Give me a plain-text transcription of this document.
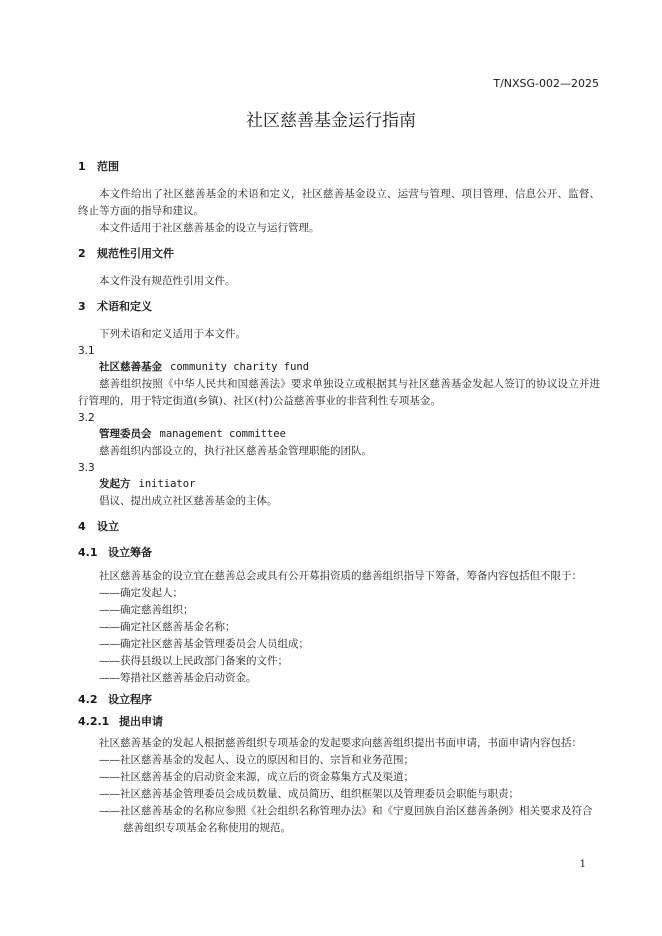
T/NXSG-002—2025
社区慈善基金运行指南
1 范围

本文件给出了社区慈善基金的术语和定义，社区慈善基金设立、运营与管理、项目管理、信息公开、监督、终止等方面的指导和建议。

本文件适用于社区慈善基金的设立与运行管理。

2 规范性引用文件

本文件没有规范性引用文件。

3 术语和定义

下列术语和定义适用于本文件。

3.1
社区慈善基金 community charity fund

慈善组织按照《中华人民共和国慈善法》要求单独设立或根据其与社区慈善基金发起人签订的协议设立并进行管理的，用于特定街道(乡镇)、社区(村)公益慈善事业的非营利性专项基金。

3.2
管理委员会 management committee

慈善组织内部设立的，执行社区慈善基金管理职能的团队。

3.3
发起方 initiator

倡议、提出成立社区慈善基金的主体。

4 设立
4.1 设立筹备

社区慈善基金的设立宜在慈善总会或具有公开募捐资质的慈善组织指导下筹备，筹备内容包括但不限于：

——确定发起人；

——确定慈善组织；

——确定社区慈善基金名称；

——确定社区慈善基金管理委员会人员组成；

——获得县级以上民政部门备案的文件；

——筹措社区慈善基金启动资金。

4.2 设立程序
4.2.1 提出申请

社区慈善基金的发起人根据慈善组织专项基金的发起要求向慈善组织提出书面申请，书面申请内容包括：

——社区慈善基金的发起人、设立的原因和目的、宗旨和业务范围；

——社区慈善基金的启动资金来源，成立后的资金募集方式及渠道；

——社区慈善基金管理委员会成员数量、成员简历、组织框架以及管理委员会职能与职责；

——社区慈善基金的名称应参照《社会组织名称管理办法》和《宁夏回族自治区慈善条例》相关要求及符合慈善组织专项基金名称使用的规范。

1
